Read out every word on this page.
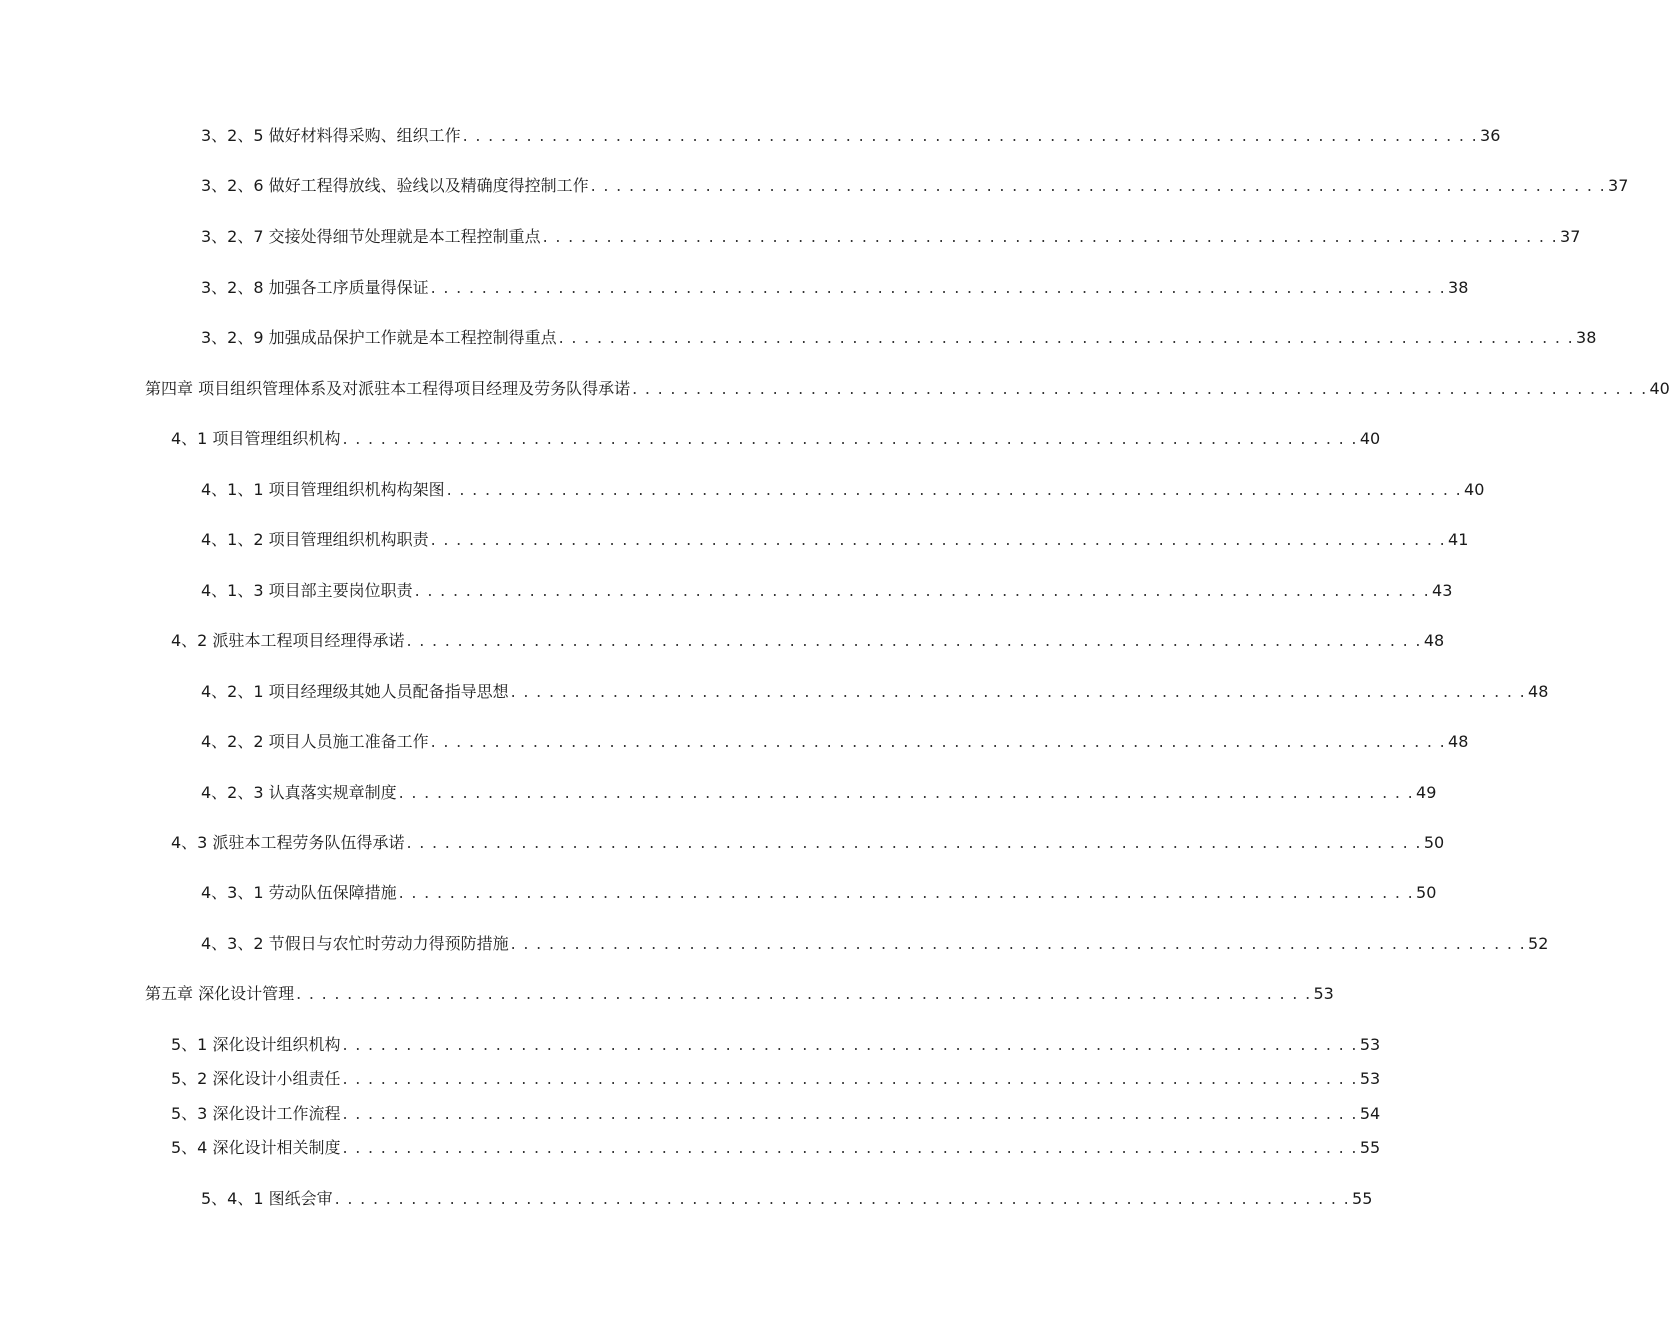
3、2、5 做好材料得采购、组织工作 . . . . . . . . . . . . . . . . . . . . . . . . . . . . . . . . . . . . . . . . . . . . . . . . . . . . . . . . . . . . . . . . . . . . . . . . . . . . . . . . 36
3、2、6 做好工程得放线、验线以及精确度得控制工作 . . . . . . . . . . . . . . . . . . . . . . . . . . . . . . . . . . . . . . . . . . . . . . . . . . . . . . . . . . . . . . . . . . . . . . . . . . . . . . . . 37
3、2、7 交接处得细节处理就是本工程控制重点 . . . . . . . . . . . . . . . . . . . . . . . . . . . . . . . . . . . . . . . . . . . . . . . . . . . . . . . . . . . . . . . . . . . . . . . . . . . . . . . . 37
3、2、8 加强各工序质量得保证 . . . . . . . . . . . . . . . . . . . . . . . . . . . . . . . . . . . . . . . . . . . . . . . . . . . . . . . . . . . . . . . . . . . . . . . . . . . . . . . . 38
3、2、9 加强成品保护工作就是本工程控制得重点 . . . . . . . . . . . . . . . . . . . . . . . . . . . . . . . . . . . . . . . . . . . . . . . . . . . . . . . . . . . . . . . . . . . . . . . . . . . . . . . . 38
第四章 项目组织管理体系及对派驻本工程得项目经理及劳务队得承诺 . . . . . . . . . . . . . . . . . . . . . . . . . . . . . . . . . . . . . . . . . . . . . . . . . . . . . . . . . . . . . . . . . . . . . . . . . . . . . . . . 40
4、1 项目管理组织机构 . . . . . . . . . . . . . . . . . . . . . . . . . . . . . . . . . . . . . . . . . . . . . . . . . . . . . . . . . . . . . . . . . . . . . . . . . . . . . . . . 40
4、1、1 项目管理组织机构构架图 . . . . . . . . . . . . . . . . . . . . . . . . . . . . . . . . . . . . . . . . . . . . . . . . . . . . . . . . . . . . . . . . . . . . . . . . . . . . . . . . 40
4、1、2 项目管理组织机构职责 . . . . . . . . . . . . . . . . . . . . . . . . . . . . . . . . . . . . . . . . . . . . . . . . . . . . . . . . . . . . . . . . . . . . . . . . . . . . . . . . 41
4、1、3 项目部主要岗位职责 . . . . . . . . . . . . . . . . . . . . . . . . . . . . . . . . . . . . . . . . . . . . . . . . . . . . . . . . . . . . . . . . . . . . . . . . . . . . . . . . 43
4、2 派驻本工程项目经理得承诺 . . . . . . . . . . . . . . . . . . . . . . . . . . . . . . . . . . . . . . . . . . . . . . . . . . . . . . . . . . . . . . . . . . . . . . . . . . . . . . . . 48
4、2、1 项目经理级其她人员配备指导思想 . . . . . . . . . . . . . . . . . . . . . . . . . . . . . . . . . . . . . . . . . . . . . . . . . . . . . . . . . . . . . . . . . . . . . . . . . . . . . . . . 48
4、2、2 项目人员施工准备工作 . . . . . . . . . . . . . . . . . . . . . . . . . . . . . . . . . . . . . . . . . . . . . . . . . . . . . . . . . . . . . . . . . . . . . . . . . . . . . . . . 48
4、2、3 认真落实规章制度 . . . . . . . . . . . . . . . . . . . . . . . . . . . . . . . . . . . . . . . . . . . . . . . . . . . . . . . . . . . . . . . . . . . . . . . . . . . . . . . . 49
4、3 派驻本工程劳务队伍得承诺 . . . . . . . . . . . . . . . . . . . . . . . . . . . . . . . . . . . . . . . . . . . . . . . . . . . . . . . . . . . . . . . . . . . . . . . . . . . . . . . . 50
4、3、1 劳动队伍保障措施 . . . . . . . . . . . . . . . . . . . . . . . . . . . . . . . . . . . . . . . . . . . . . . . . . . . . . . . . . . . . . . . . . . . . . . . . . . . . . . . . 50
4、3、2 节假日与农忙时劳动力得预防措施 . . . . . . . . . . . . . . . . . . . . . . . . . . . . . . . . . . . . . . . . . . . . . . . . . . . . . . . . . . . . . . . . . . . . . . . . . . . . . . . . 52
第五章 深化设计管理 . . . . . . . . . . . . . . . . . . . . . . . . . . . . . . . . . . . . . . . . . . . . . . . . . . . . . . . . . . . . . . . . . . . . . . . . . . . . . . . . 53
5、1 深化设计组织机构 . . . . . . . . . . . . . . . . . . . . . . . . . . . . . . . . . . . . . . . . . . . . . . . . . . . . . . . . . . . . . . . . . . . . . . . . . . . . . . . . 53
5、2 深化设计小组责任 . . . . . . . . . . . . . . . . . . . . . . . . . . . . . . . . . . . . . . . . . . . . . . . . . . . . . . . . . . . . . . . . . . . . . . . . . . . . . . . . 53
5、3 深化设计工作流程 . . . . . . . . . . . . . . . . . . . . . . . . . . . . . . . . . . . . . . . . . . . . . . . . . . . . . . . . . . . . . . . . . . . . . . . . . . . . . . . . 54
5、4 深化设计相关制度 . . . . . . . . . . . . . . . . . . . . . . . . . . . . . . . . . . . . . . . . . . . . . . . . . . . . . . . . . . . . . . . . . . . . . . . . . . . . . . . . 55
5、4、1 图纸会审 . . . . . . . . . . . . . . . . . . . . . . . . . . . . . . . . . . . . . . . . . . . . . . . . . . . . . . . . . . . . . . . . . . . . . . . . . . . . . . . . 55
